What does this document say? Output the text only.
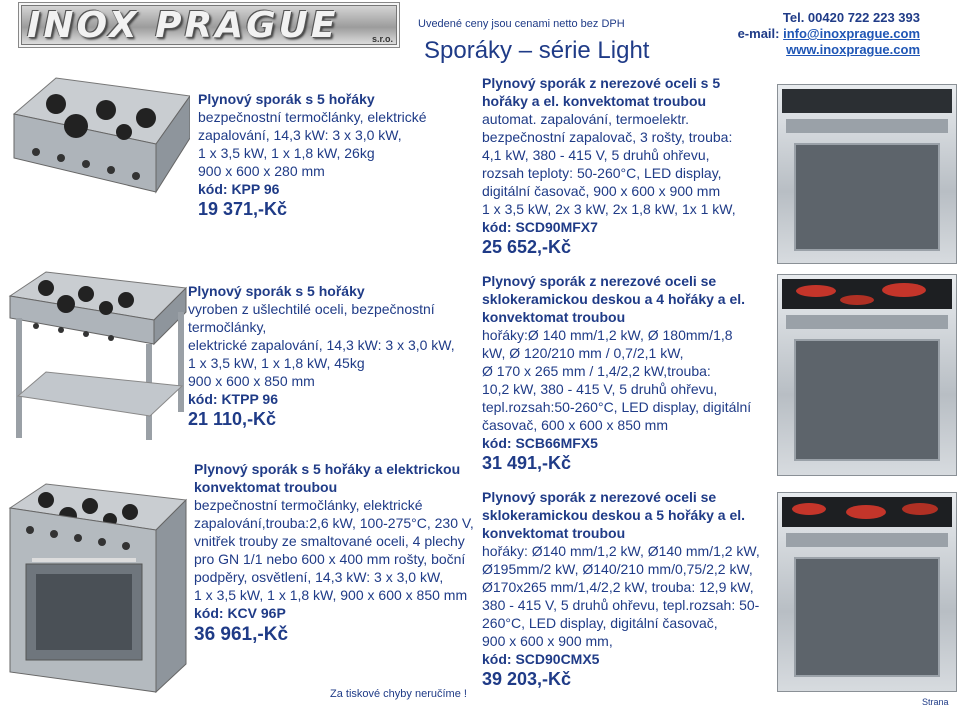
INOX PRAGUE	s.r.o.
Uvedené ceny jsou cenami netto bez DPH
Sporáky – série Light
Tel. 00420 722 223 393
e-mail: info@inoxprague.com
www.inoxprague.com
Plynový sporák s 5 hořáky
bezpečnostní termočlánky, elektrické
zapalování, 14,3 kW: 3 x 3,0 kW,
1 x 3,5 kW, 1 x 1,8 kW, 26kg
900 x 600 x 280 mm
kód: KPP 96
19 371,-Kč
Plynový sporák s 5 hořáky
vyroben z ušlechtilé oceli, bezpečnostní
termočlánky,
elektrické zapalování, 14,3 kW: 3 x 3,0 kW,
1 x 3,5 kW, 1 x 1,8 kW, 45kg
900 x 600 x 850 mm
kód: KTPP 96
21 110,-Kč
Plynový sporák s 5 hořáky a elektrickou
konvektomat troubou
bezpečnostní termočlánky, elektrické
zapalování,trouba:2,6 kW, 100-275°C, 230 V,
vnitřek trouby ze smaltované oceli, 4 plechy
pro GN 1/1 nebo 600 x 400 mm rošty, boční
podpěry, osvětlení, 14,3 kW: 3 x 3,0 kW,
1 x 3,5 kW, 1 x 1,8 kW, 900 x 600 x 850 mm
kód: KCV 96P
36 961,-Kč
Plynový sporák z nerezové oceli s 5
hořáky a el. konvektomat troubou
automat. zapalování, termoelektr.
bezpečnostní zapalovač, 3 rošty, trouba:
4,1 kW, 380 - 415 V, 5 druhů ohřevu,
rozsah teploty: 50-260°C, LED display,
digitální časovač, 900 x 600 x 900 mm
1 x 3,5 kW, 2x 3 kW, 2x 1,8 kW, 1x 1 kW,
kód: SCD90MFX7
25 652,-Kč
Plynový sporák z nerezové oceli se
sklokeramickou deskou a 4 hořáky a el.
konvektomat troubou
hořáky:Ø 140 mm/1,2 kW, Ø 180mm/1,8
kW, Ø 120/210 mm / 0,7/2,1 kW,
Ø 170 x 265 mm / 1,4/2,2 kW,trouba:
10,2 kW, 380 - 415 V, 5 druhů ohřevu,
tepl.rozsah:50-260°C, LED display, digitální
časovač, 600 x 600 x 850 mm
kód: SCB66MFX5
31 491,-Kč
Plynový sporák z nerezové oceli se
sklokeramickou deskou a 5 hořáky a el.
konvektomat troubou
hořáky: Ø140 mm/1,2 kW, Ø140 mm/1,2 kW,
Ø195mm/2 kW, Ø140/210 mm/0,75/2,2 kW,
Ø170x265 mm/1,4/2,2 kW, trouba: 12,9 kW,
380 - 415 V, 5 druhů ohřevu, tepl.rozsah: 50-
260°C, LED display, digitální časovač,
900 x 600 x 900 mm,
kód: SCD90CMX5
39 203,-Kč
Za tiskové chyby neručíme !
Strana
